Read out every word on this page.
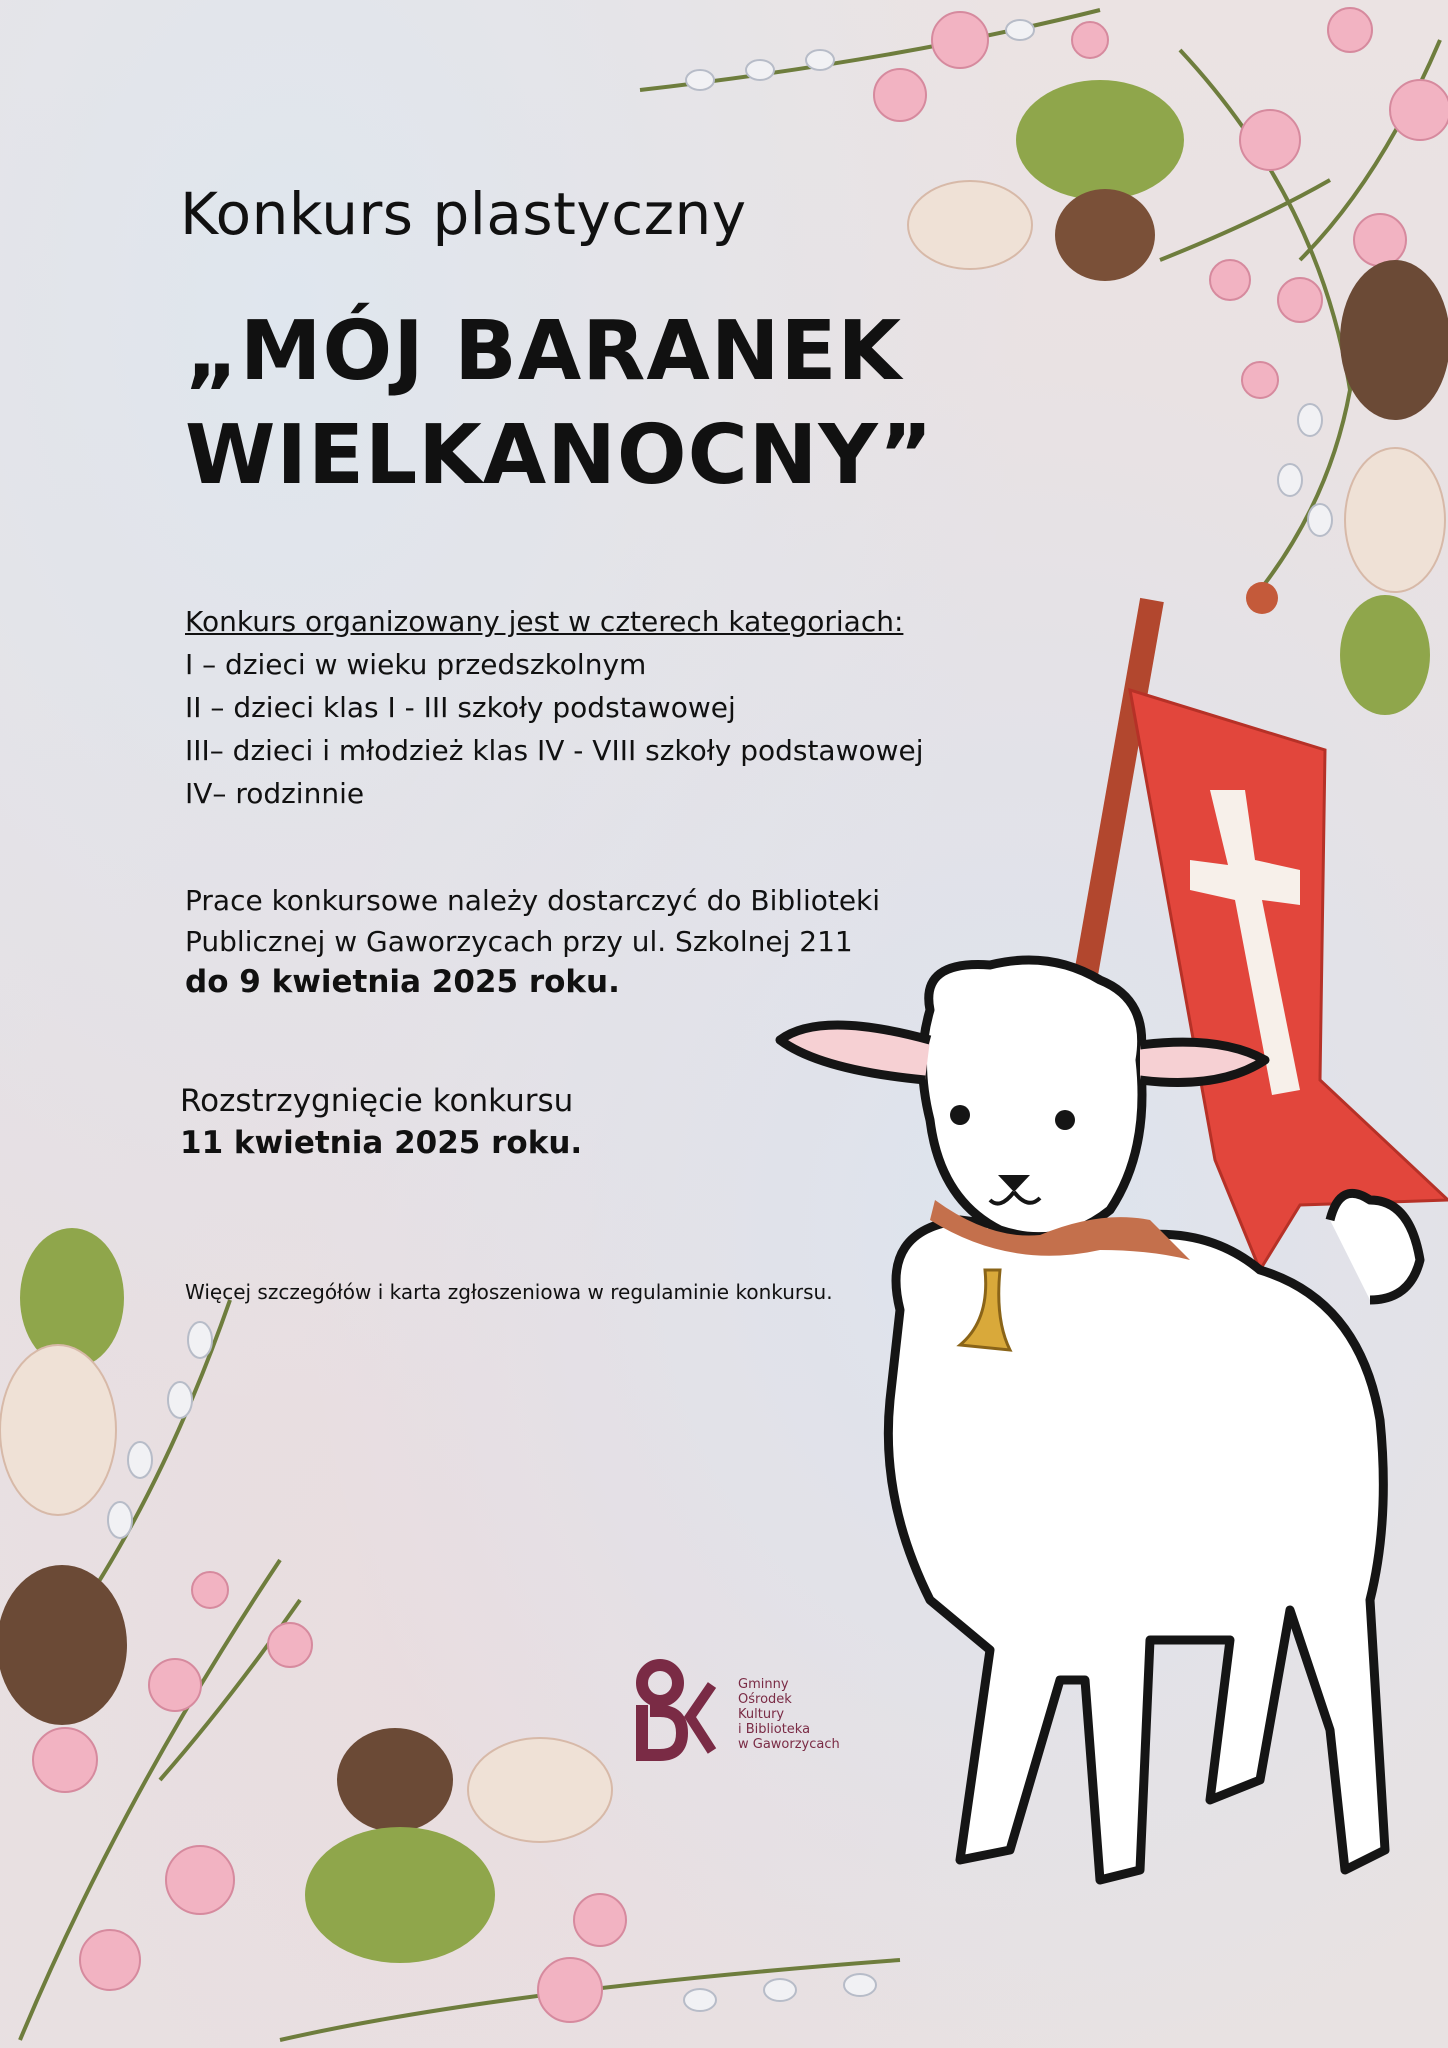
Konkurs plastyczny
„MÓJ BARANEK
WIELKANOCNY”
Konkurs organizowany jest w czterech kategoriach:
I – dzieci w wieku przedszkolnym
II – dzieci klas I - III szkoły podstawowej
III– dzieci i młodzież klas IV - VIII szkoły podstawowej
IV– rodzinnie
Prace konkursowe należy dostarczyć do Biblioteki
Publicznej w Gaworzycach przy ul. Szkolnej 211
do 9 kwietnia 2025 roku.
Rozstrzygnięcie konkursu
11 kwietnia 2025 roku.
Więcej szczegółów i karta zgłoszeniowa w regulaminie konkursu.
Gminny
Ośrodek
Kultury
i Biblioteka
w Gaworzycach
